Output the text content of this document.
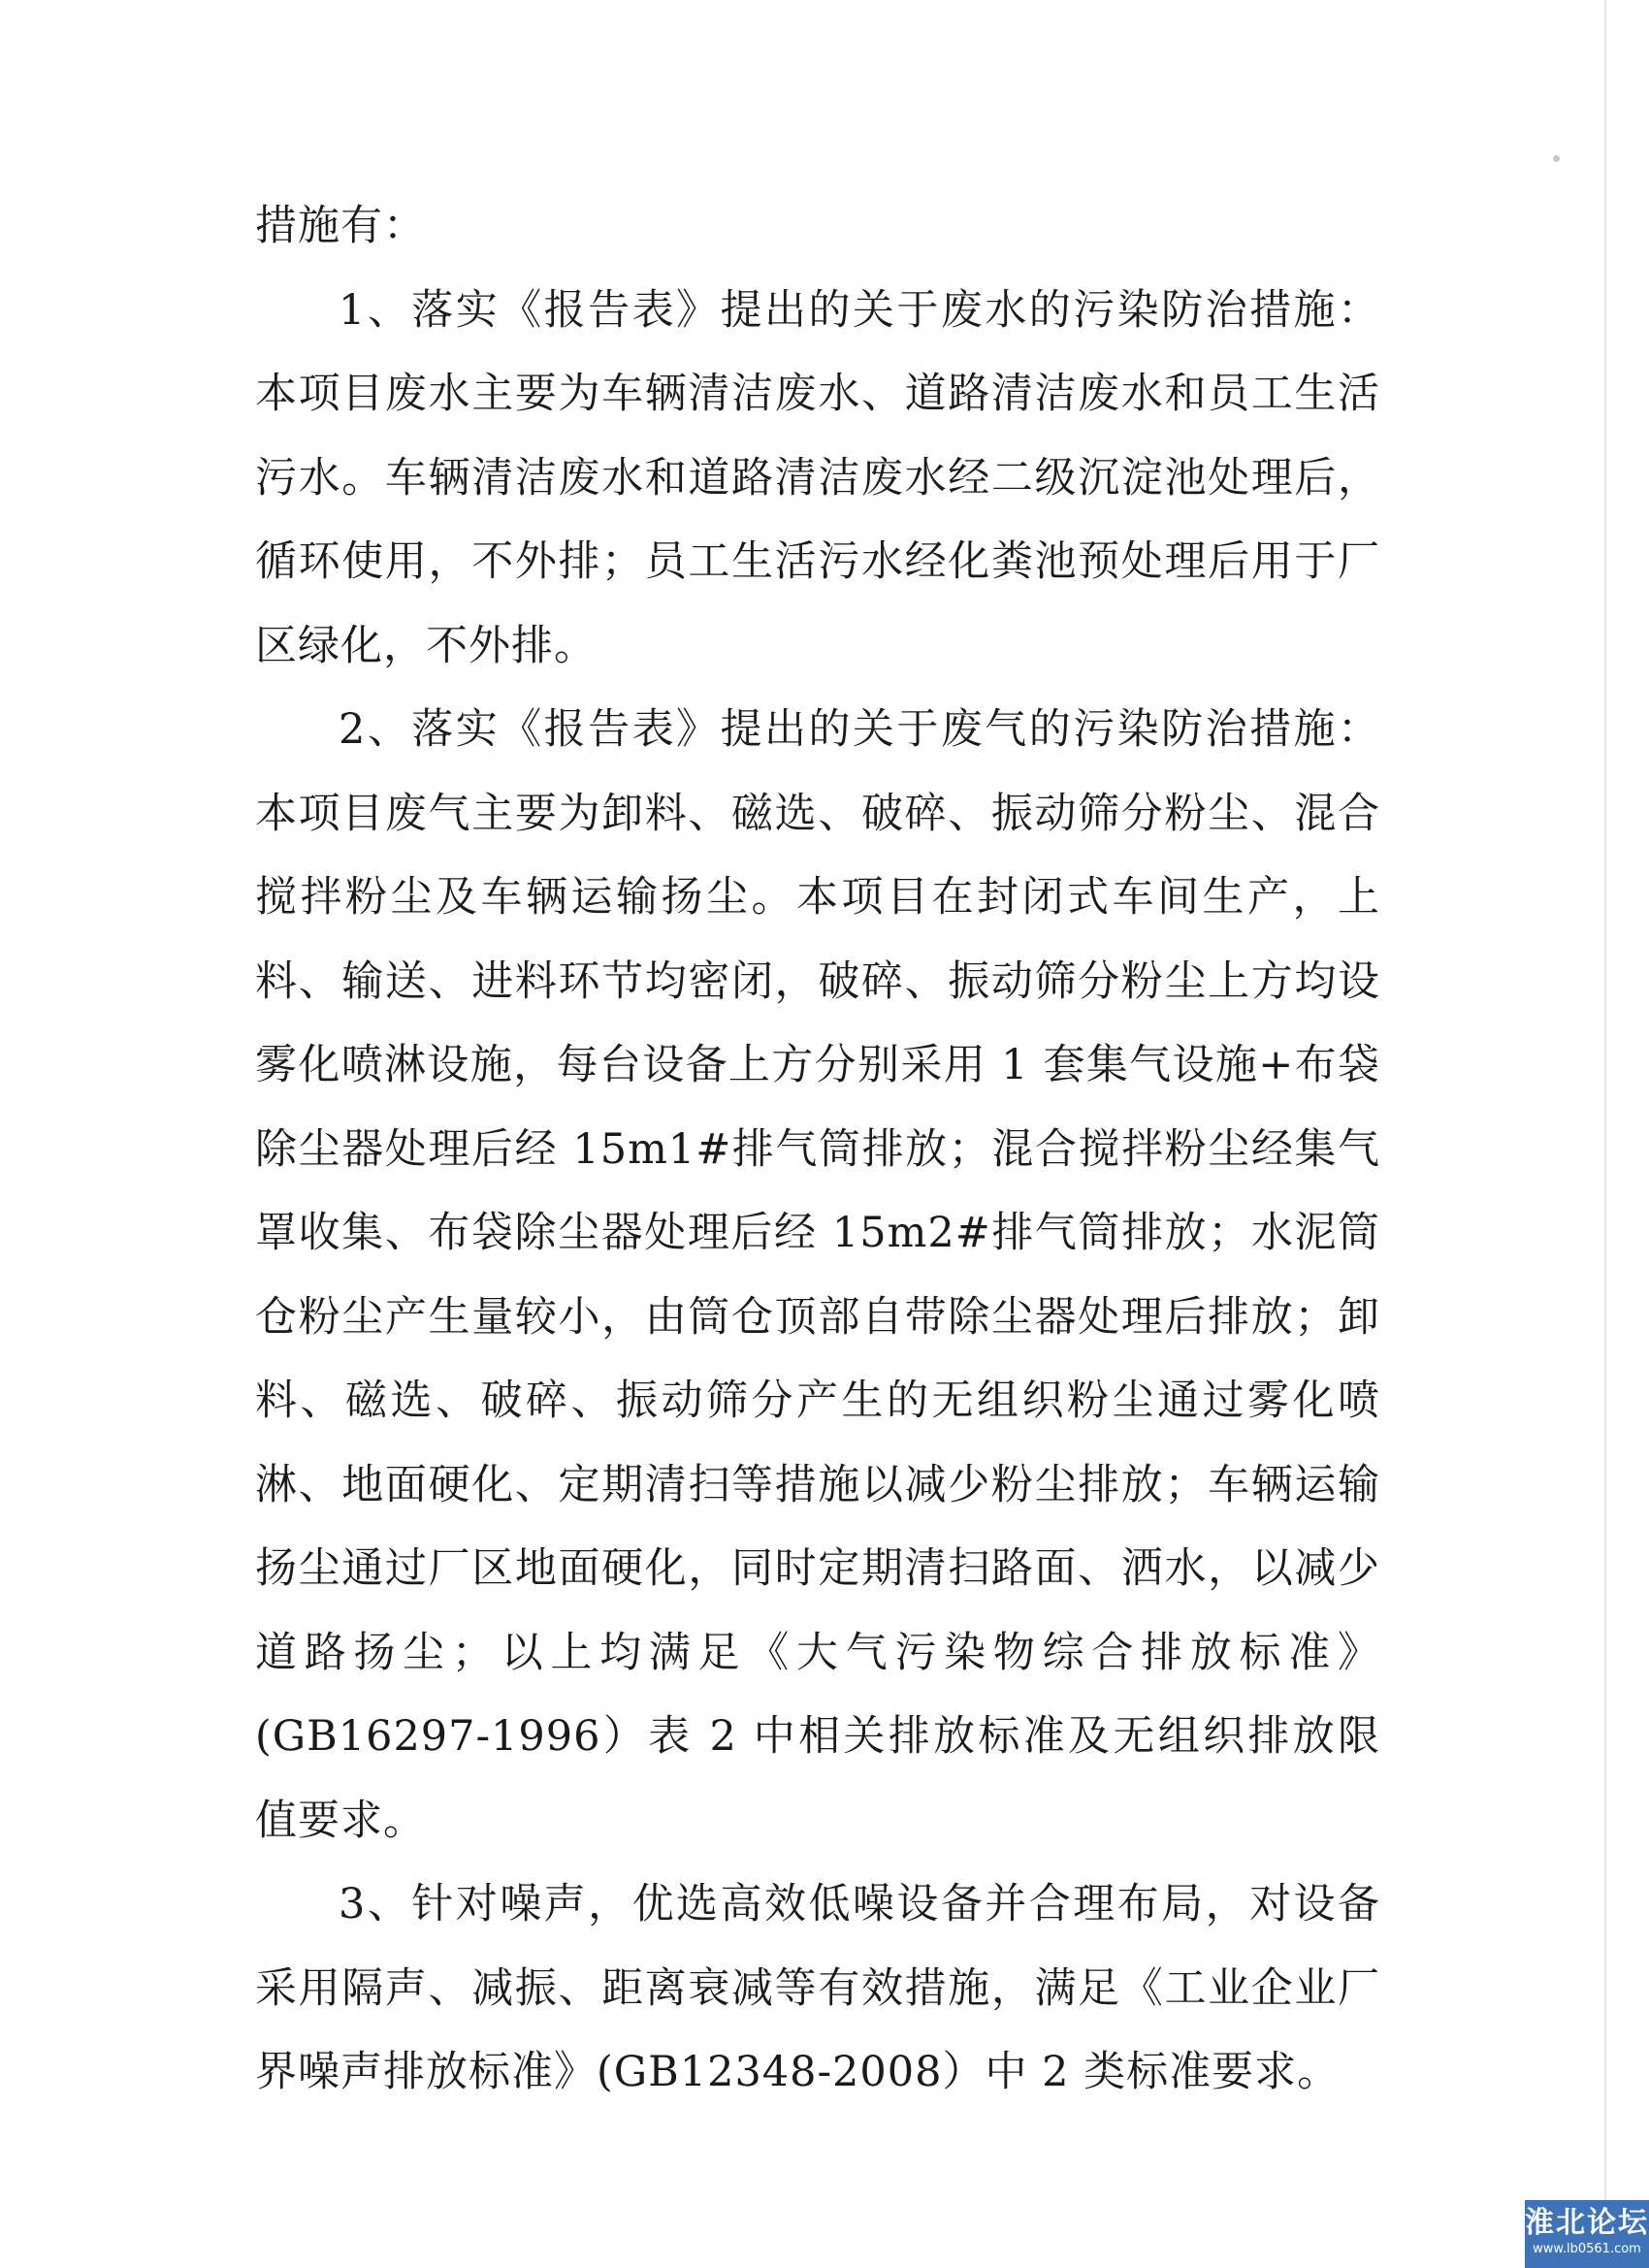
措施有：

1、落实《报告表》提出的关于废水的污染防治措施：本项目废水主要为车辆清洁废水、道路清洁废水和员工生活污水。车辆清洁废水和道路清洁废水经二级沉淀池处理后，循环使用，不外排；员工生活污水经化粪池预处理后用于厂区绿化，不外排。

2、落实《报告表》提出的关于废气的污染防治措施：本项目废气主要为卸料、磁选、破碎、振动筛分粉尘、混合搅拌粉尘及车辆运输扬尘。本项目在封闭式车间生产，上料、输送、进料环节均密闭，破碎、振动筛分粉尘上方均设雾化喷淋设施，每台设备上方分别采用 1 套集气设施+布袋除尘器处理后经 15m1#排气筒排放；混合搅拌粉尘经集气罩收集、布袋除尘器处理后经 15m2#排气筒排放；水泥筒仓粉尘产生量较小，由筒仓顶部自带除尘器处理后排放；卸料、磁选、破碎、振动筛分产生的无组织粉尘通过雾化喷淋、地面硬化、定期清扫等措施以减少粉尘排放；车辆运输扬尘通过厂区地面硬化，同时定期清扫路面、洒水，以减少道路扬尘；以上均满足《大气污染物综合排放标准》(GB16297-1996）表 2 中相关排放标准及无组织排放限值要求。

3、针对噪声，优选高效低噪设备并合理布局，对设备采用隔声、减振、距离衰减等有效措施，满足《工业企业厂界噪声排放标准》(GB12348-2008）中 2 类标准要求。

淮北论坛
www.lb0561.com
